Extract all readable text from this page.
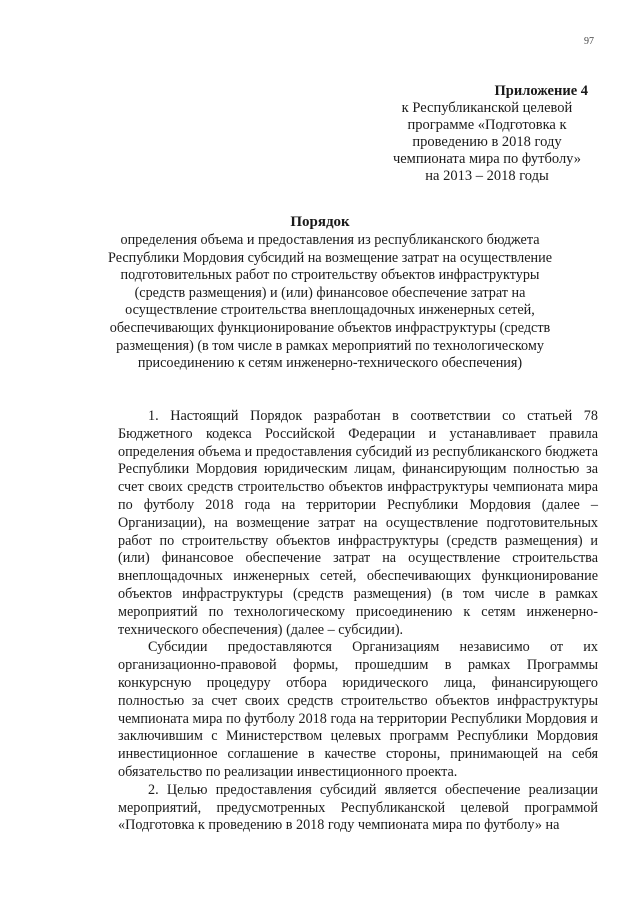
97
Приложение 4
к Республиканской целевой
программе «Подготовка к
проведению в 2018 году
чемпионата мира по футболу»
на 2013 – 2018 годы
Порядок
определения объема и предоставления из республиканского бюджета
Республики Мордовия субсидий на возмещение затрат на осуществление
подготовительных работ по строительству объектов инфраструктуры
(средств размещения) и (или) финансовое обеспечение затрат на
осуществление строительства внеплощадочных инженерных сетей,
обеспечивающих функционирование объектов инфраструктуры (средств
размещения) (в том числе в рамках мероприятий по технологическому
присоединению к сетям инженерно-технического обеспечения)

1. Настоящий Порядок разработан в соответствии со статьей 78 Бюджетного кодекса Российской Федерации и устанавливает правила определения объема и предоставления субсидий из республиканского бюджета Республики Мордовия юридическим лицам, финансирующим полностью за счет своих средств строительство объектов инфраструктуры чемпионата мира по футболу 2018 года на территории Республики Мордовия (далее – Организации), на возмещение затрат на осуществление подготовительных работ по строительству объектов инфраструктуры (средств размещения) и (или) финансовое обеспечение затрат на осуществление строительства внеплощадочных инженерных сетей, обеспечивающих функционирование объектов инфраструктуры (средств размещения) (в том числе в рамках мероприятий по технологическому присоединению к сетям инженерно-технического обеспечения) (далее – субсидии).

Субсидии предоставляются Организациям независимо от их организационно-правовой формы, прошедшим в рамках Программы конкурсную процедуру отбора юридического лица, финансирующего полностью за счет своих средств строительство объектов инфраструктуры чемпионата мира по футболу 2018 года на территории Республики Мордовия и заключившим с Министерством целевых программ Республики Мордовия инвестиционное соглашение в качестве стороны, принимающей на себя обязательство по реализации инвестиционного проекта.

2. Целью предоставления субсидий является обеспечение реализации мероприятий, предусмотренных Республиканской целевой программой «Подготовка к проведению в 2018 году чемпионата мира по футболу» на
